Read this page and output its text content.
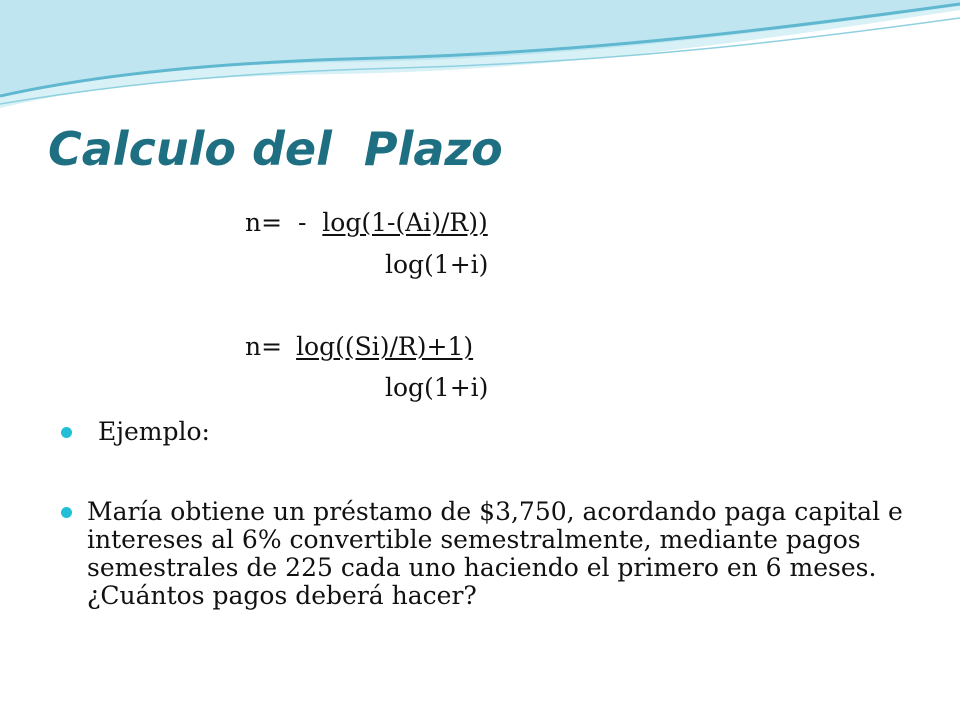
Calculo del  Plazo
n=  -  log(1-(Ai)/R))
log(1+i)
n= log((Si)/R)+1)
log(1+i)
Ejemplo:
María obtiene un préstamo de $3,750, acordando paga capital e intereses al 6% convertible semestralmente, mediante pagos semestrales de 225 cada uno haciendo el primero en 6 meses. ¿Cuántos pagos deberá hacer?
